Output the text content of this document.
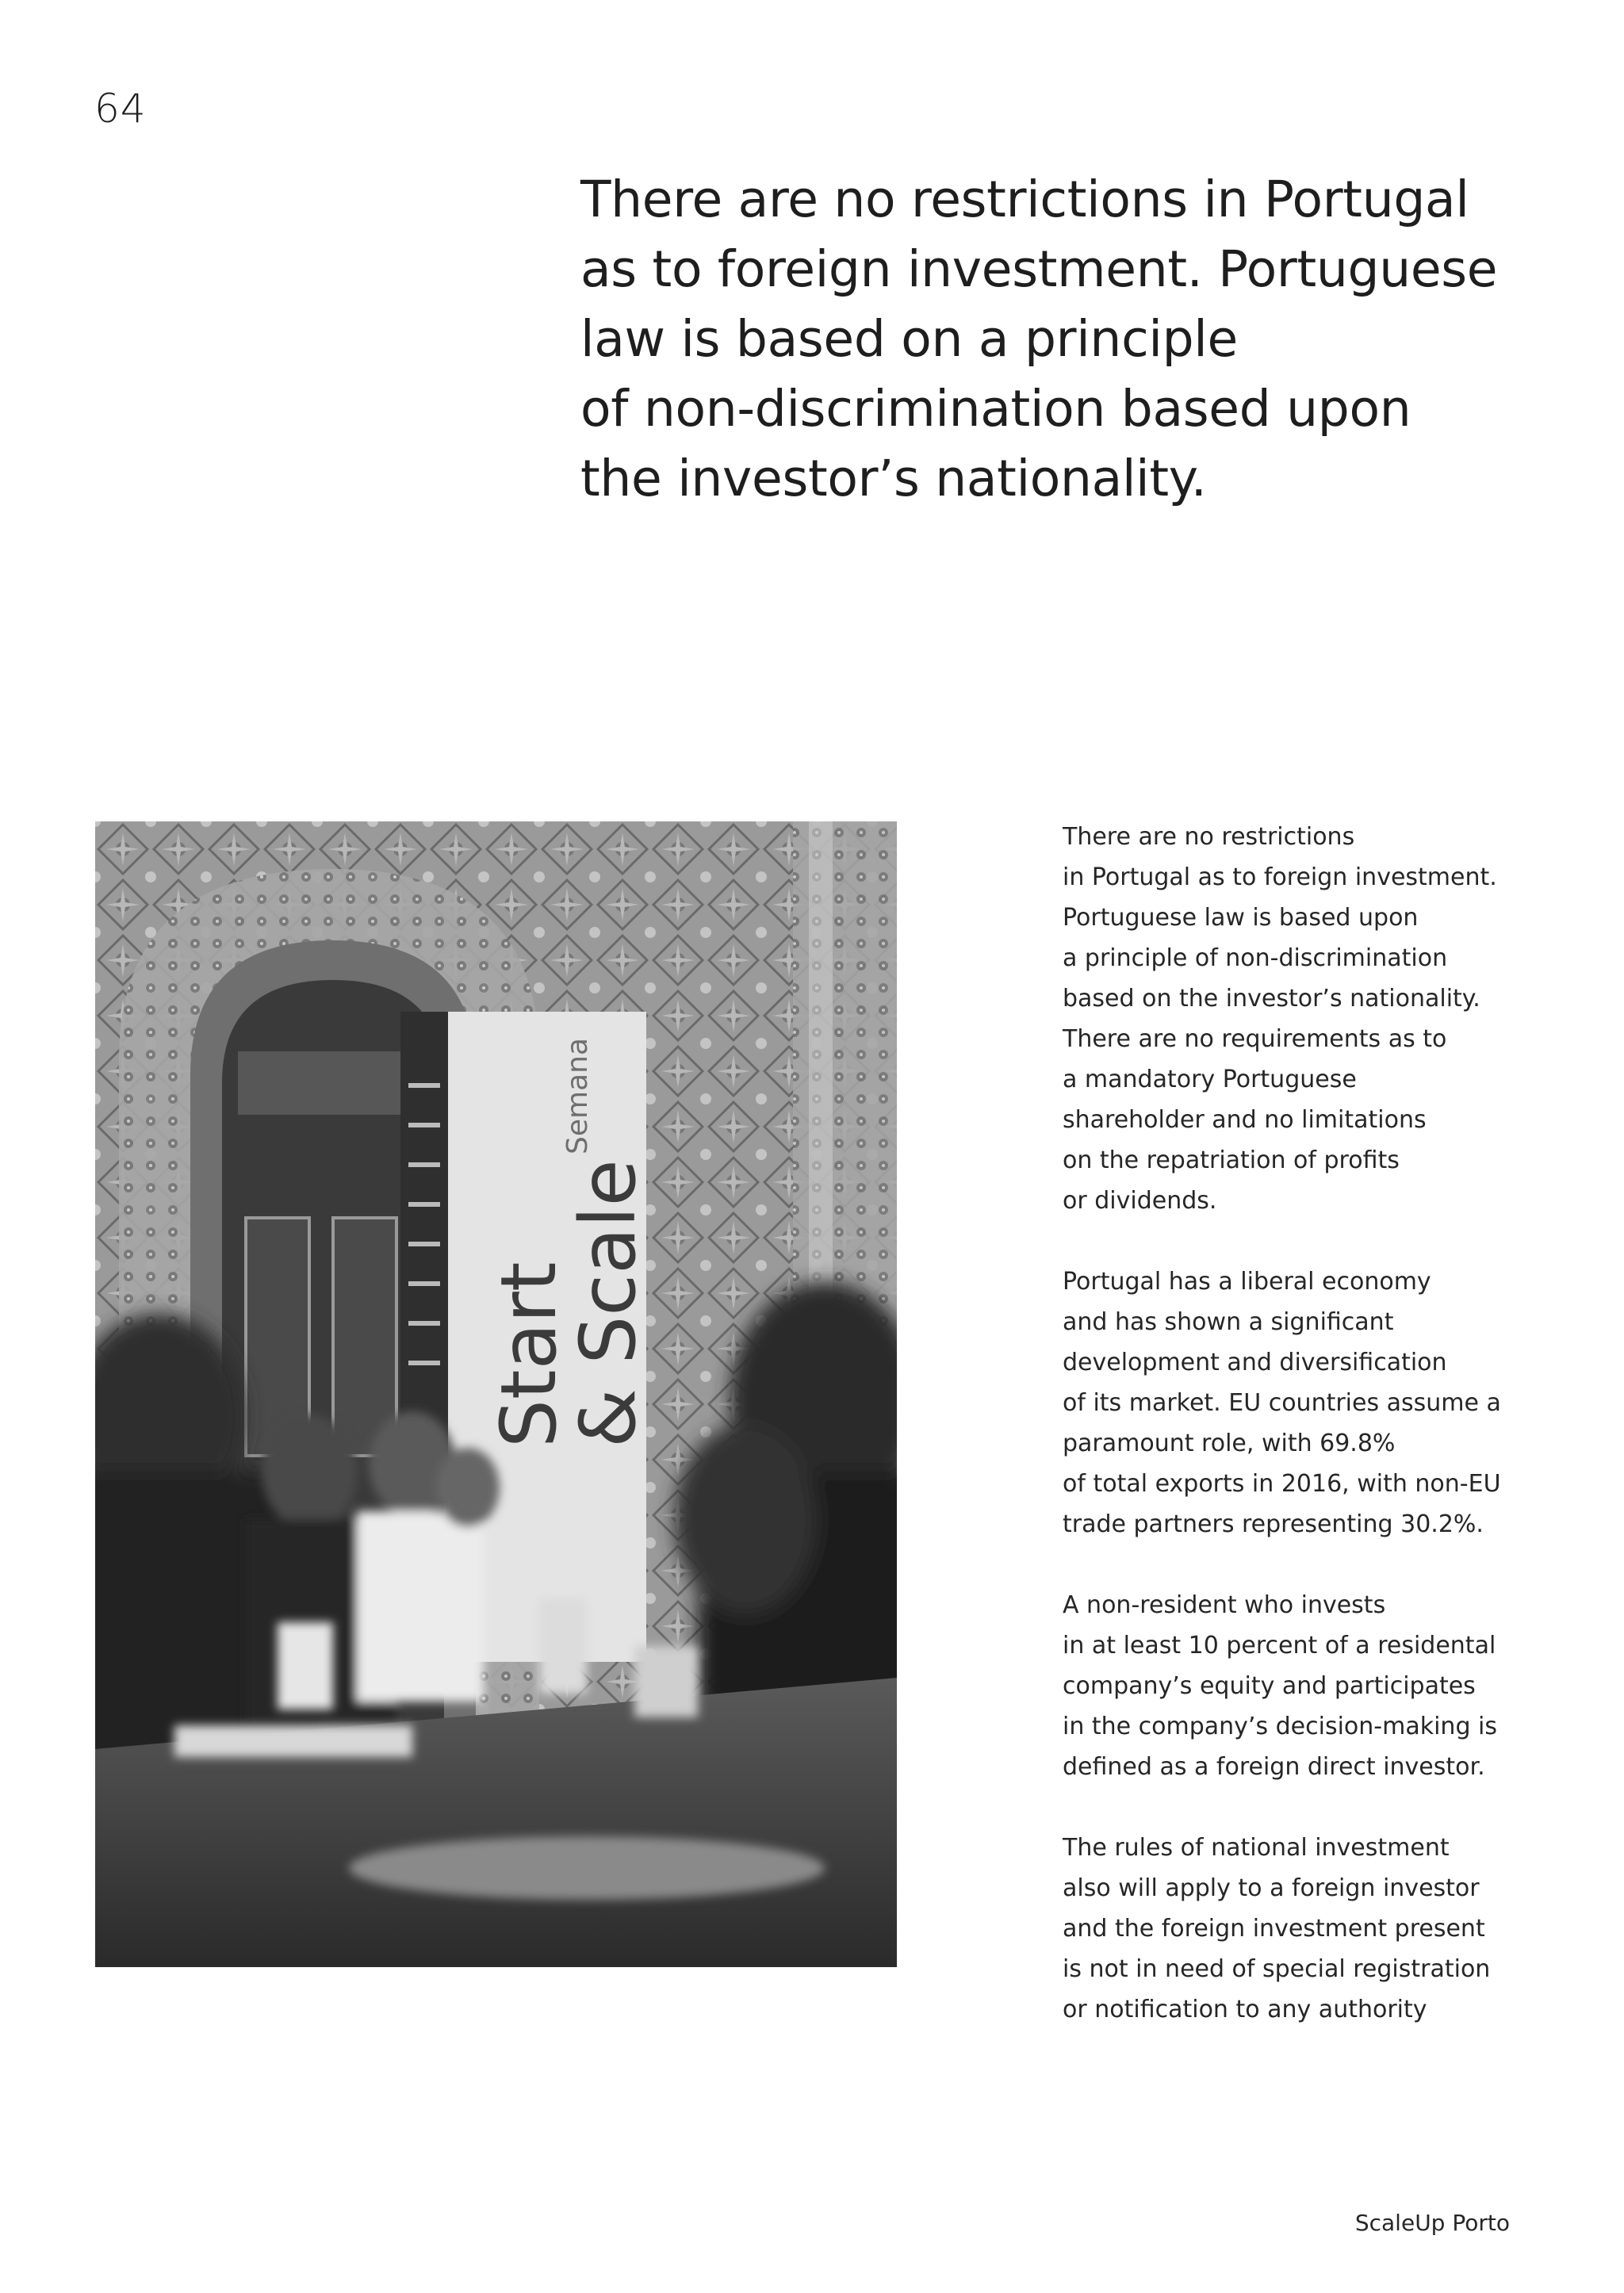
64
There are no restrictions in Portugal
as to foreign investment. Portuguese
law is based on a principle
of non-discrimination based upon
the investor’s nationality.
Semana
Start
& Scale

There are no restrictions
in Portugal as to foreign investment.
Portuguese law is based upon
a principle of non-discrimination
based on the investor’s nationality.
There are no requirements as to
a mandatory Portuguese
shareholder and no limitations
on the repatriation of profits
or dividends.

Portugal has a liberal economy
and has shown a significant
development and diversification
of its market. EU countries assume a
paramount role, with 69.8%
of total exports in 2016, with non-EU
trade partners representing 30.2%.

A non-resident who invests
in at least 10 percent of a residental
company’s equity and participates
in the company’s decision-making is
defined as a foreign direct investor.

The rules of national investment
also will apply to a foreign investor
and the foreign investment present
is not in need of special registration
or notification to any authority

ScaleUp Porto
